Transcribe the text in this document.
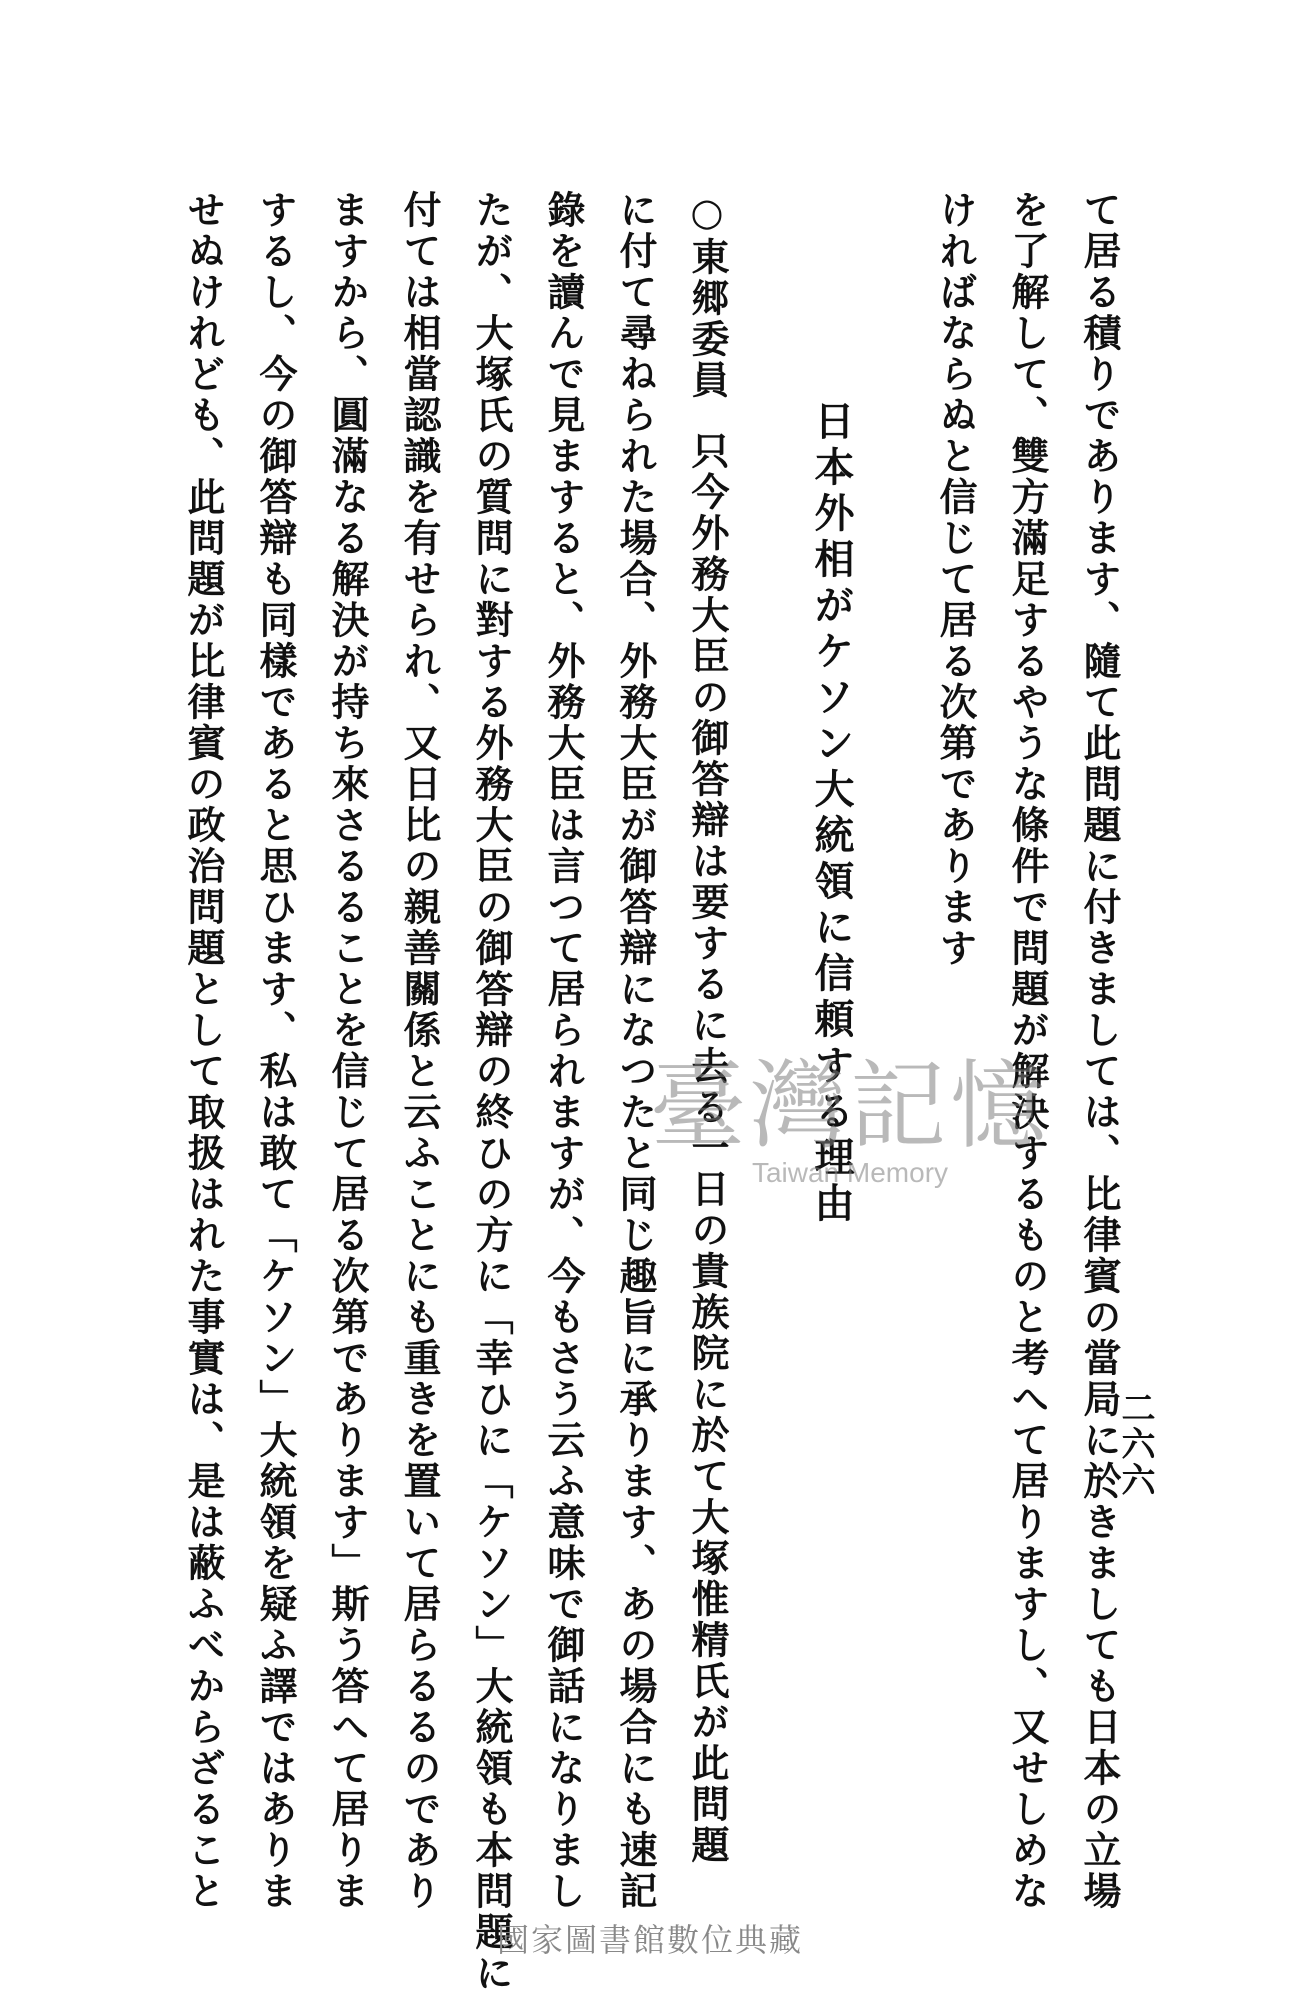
二六六
て居る積りであります、隨て此問題に付きましては、比律賓の當局に於きましても日本の立場
を了解して、雙方滿足するやうな條件で問題が解決するものと考へて居りますし、又せしめな
ければならぬと信じて居る次第であります
日本外相がケソン大統領に信頼する理由
○東郷委員只今外務大臣の御答辯は要するに去る一日の貴族院に於て大塚惟精氏が此問題
に付て尋ねられた場合、外務大臣が御答辯になつたと同じ趣旨に承ります、あの場合にも速記
錄を讀んで見ますると、外務大臣は言つて居られますが、今もさう云ふ意味で御話になりまし
たが、大塚氏の質問に對する外務大臣の御答辯の終ひの方に「幸ひに「ケソン」大統領も本問題に
付ては相當認識を有せられ、又日比の親善關係と云ふことにも重きを置いて居らるるのであり
ますから、圓滿なる解決が持ち來さるることを信じて居る次第であります」斯う答へて居りま
するし、今の御答辯も同樣であると思ひます、私は敢て「ケソン」大統領を疑ふ譯ではありま
せぬけれども、此問題が比律賓の政治問題として取扱はれた事實は、是は蔽ふべからざること	臺灣記憶
Taiwan Memory
國家圖書館數位典藏
